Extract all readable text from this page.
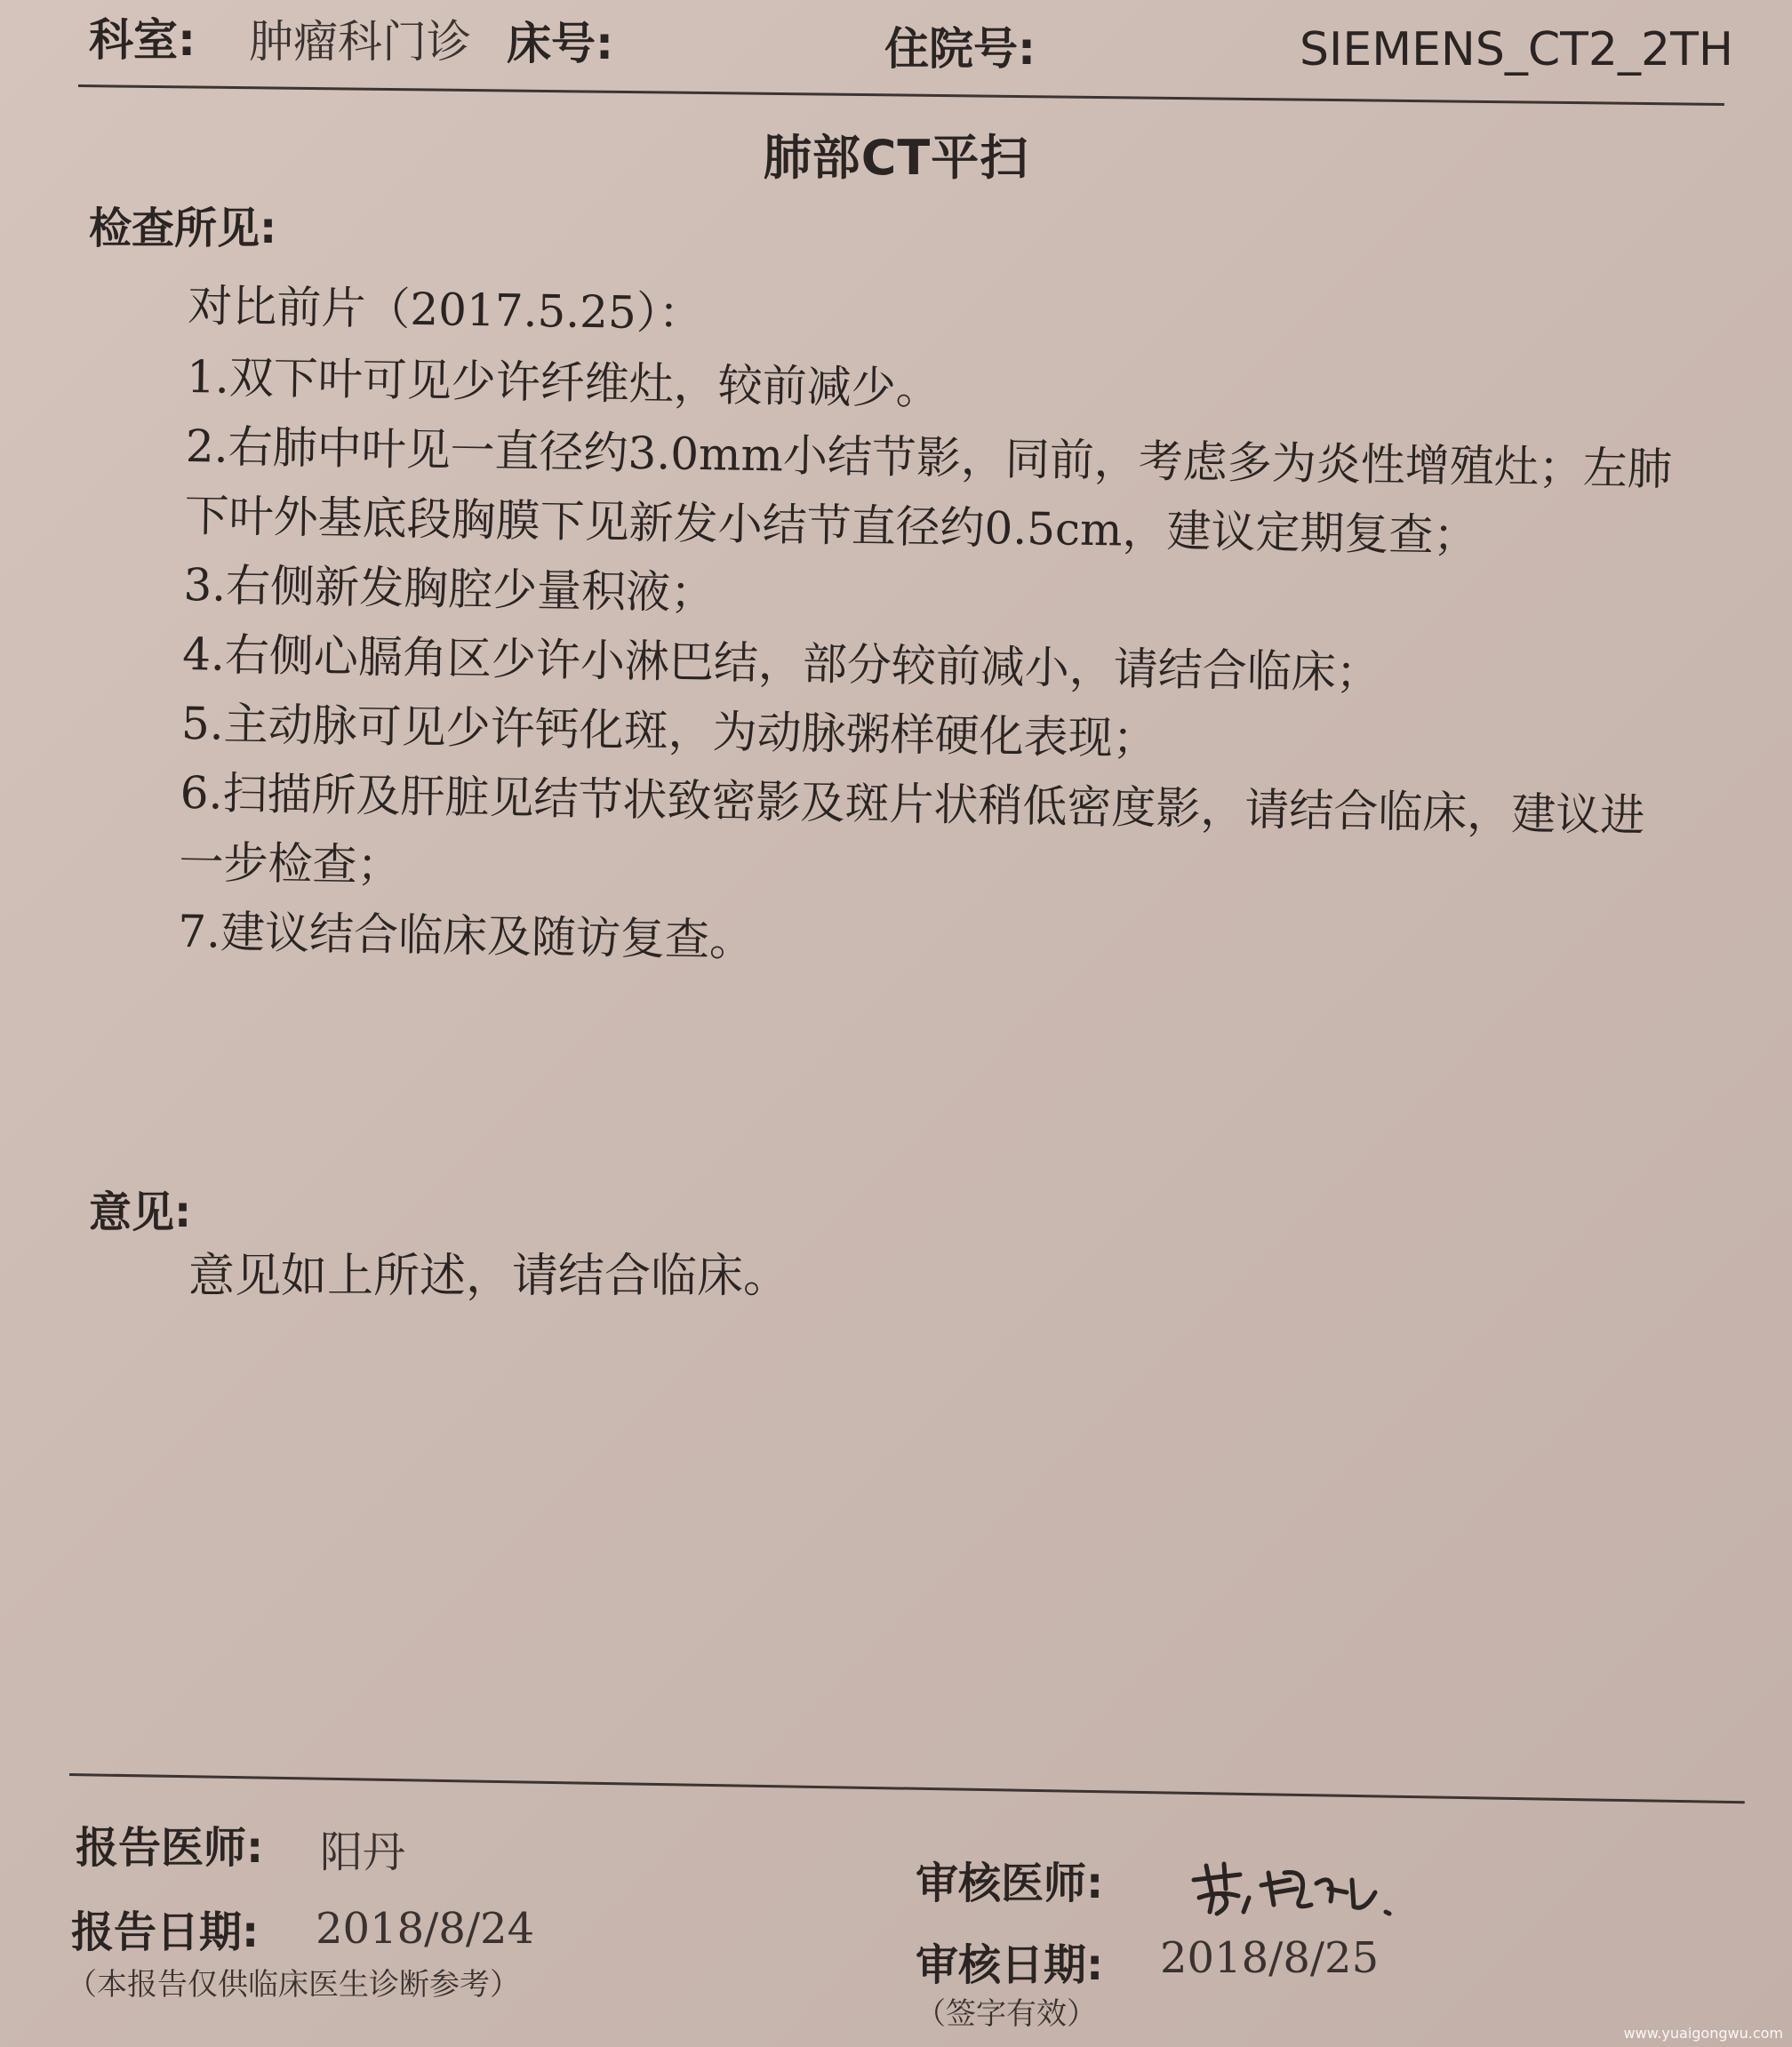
科室: 肿瘤科门诊 床号:	住院号:	SIEMENS_CT2_2TH
肺部CT平扫
检查所见:

对比前片（2017.5.25）：

1.双下叶可见少许纤维灶，较前减少。

2.右肺中叶见一直径约3.0mm小结节影，同前，考虑多为炎性增殖灶；左肺下叶外基底段胸膜下见新发小结节直径约0.5cm，建议定期复查；

3.右侧新发胸腔少量积液；

4.右侧心膈角区少许小淋巴结，部分较前减小，请结合临床；

5.主动脉可见少许钙化斑，为动脉粥样硬化表现；

6.扫描所及肝脏见结节状致密影及斑片状稍低密度影，请结合临床，建议进一步检查；

7.建议结合临床及随访复查。

意见:
意见如上所述，请结合临床。
报告医师: 阳丹
报告日期: 2018/8/24
（本报告仅供临床医生诊断参考）
审核医师:
审核日期: 2018/8/25
（签字有效）
www.yuaigongwu.com
